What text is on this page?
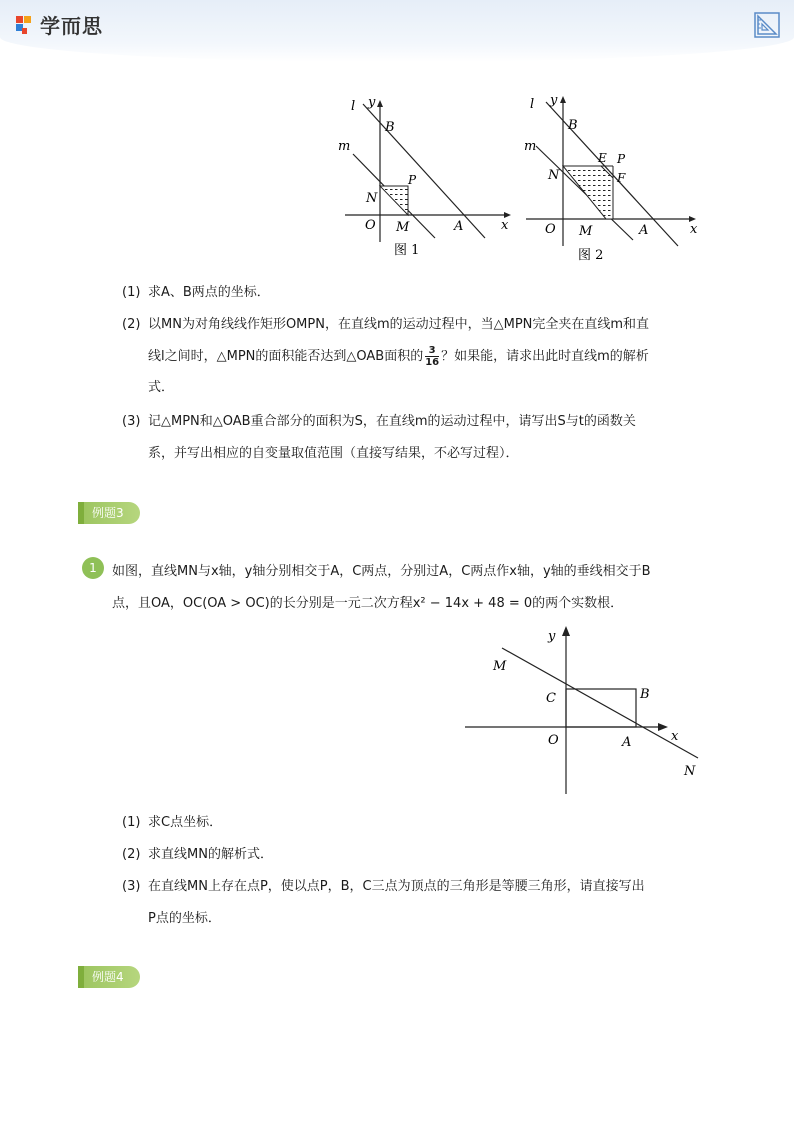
学而思
l y
B
m
N
P
O M	A	x
图 1
l y
B
m
N
E P
F
O M	A	x
图 2
(1) 求A、B两点的坐标．
(2) 以MN为对角线线作矩形OMPN，在直线m的运动过程中，当△MPN完全夹在直线m和直
线l之间时，△MPN的面积能否达到△OAB面积的 $\frac{3}{16}$ ？如果能，请求出此时直线m的解析
式．
(3) 记△MPN和△OAB重合部分的面积为S，在直线m的运动过程中，请写出S与t的函数关
系，并写出相应的自变量取值范围（直接写结果，不必写过程）．
例题3
1	如图，直线MN与x轴，y轴分别相交于A，C两点，分别过A，C两点作x轴，y轴的垂线相交于B
点，且OA，OC(OA > OC)的长分别是一元二次方程x² − 14x + 48 = 0的两个实数根．
y
M
C	B
O	A	x
N
(1) 求C点坐标．
(2) 求直线MN的解析式．
(3) 在直线MN上存在点P，使以点P，B，C三点为顶点的三角形是等腰三角形，请直接写出
P点的坐标．
例题4
